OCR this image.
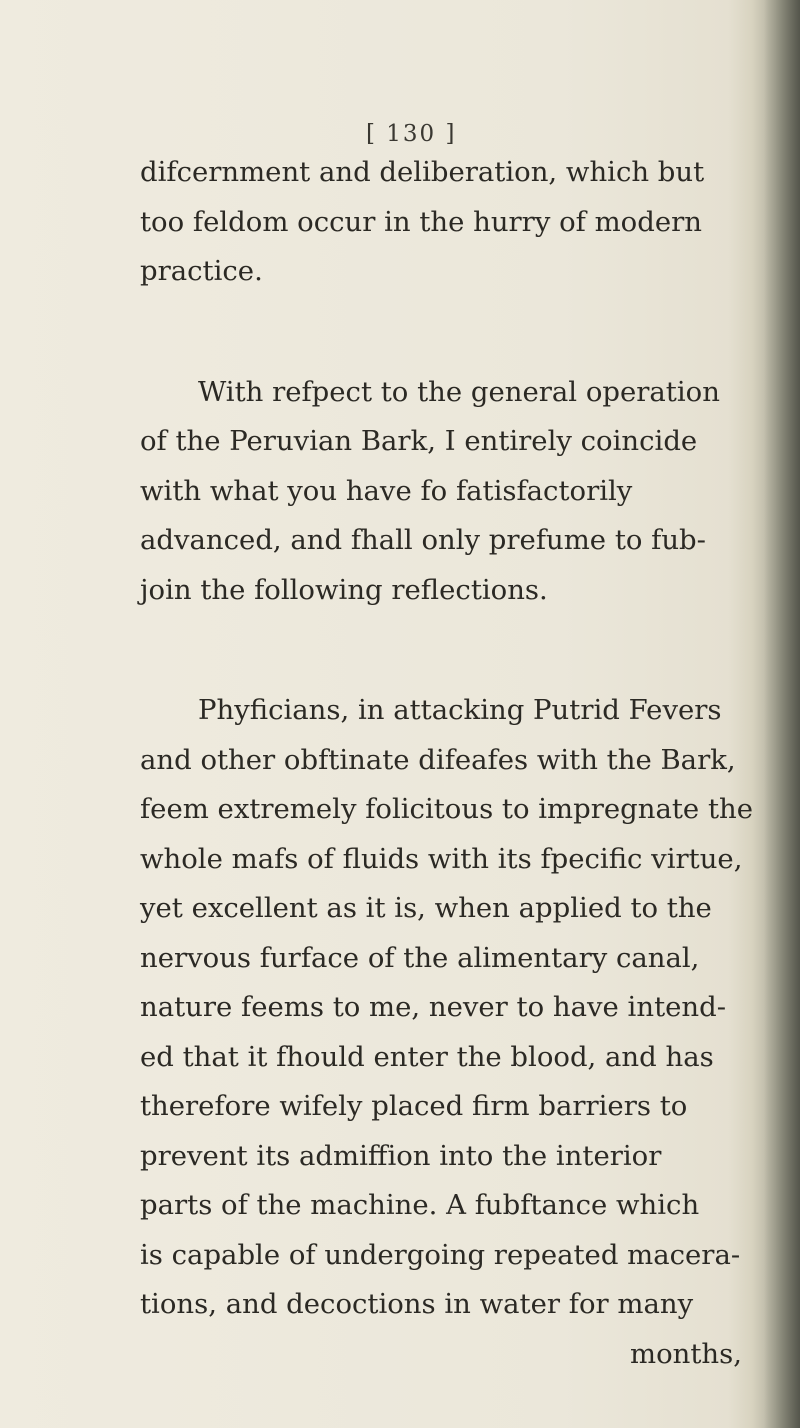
[ 130 ]
difcernment and deliberation, which but
too feldom occur in the hurry of modern
practice.
With refpect to the general operation
of the Peruvian Bark, I entirely coincide
with what you have fo fatisfactorily
advanced, and fhall only prefume to fub-
join the following reflections.
Phyficians, in attacking Putrid Fevers
and other obftinate difeafes with the Bark,
feem extremely folicitous to impregnate the
whole mafs of fluids with its fpecific virtue,
yet excellent as it is, when applied to the
nervous furface of the alimentary canal,
nature feems to me, never to have intend-
ed that it fhould enter the blood, and has
therefore wifely placed firm barriers to
prevent its admiffion into the interior
parts of the machine. A fubftance which
is capable of undergoing repeated macera-
tions, and decoctions in water for many
months,
